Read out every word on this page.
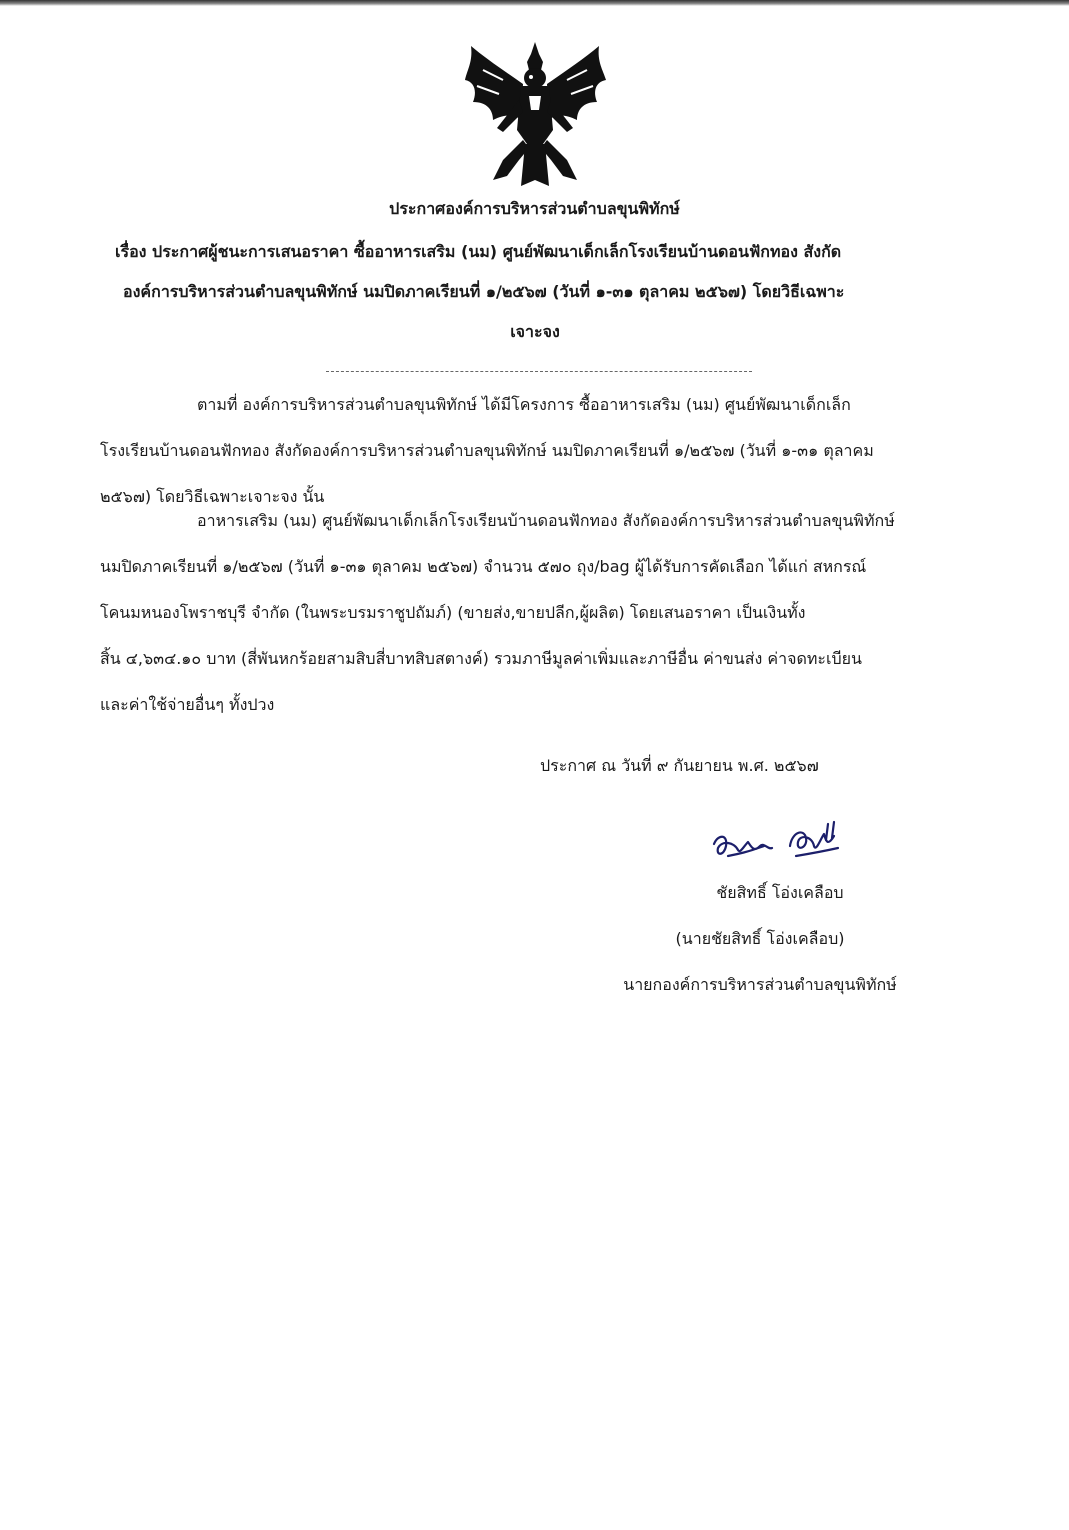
ประกาศองค์การบริหารส่วนตำบลขุนพิทักษ์
เรื่อง ประกาศผู้ชนะการเสนอราคา ซื้ออาหารเสริม (นม) ศูนย์พัฒนาเด็กเล็กโรงเรียนบ้านดอนฟักทอง สังกัด
องค์การบริหารส่วนตำบลขุนพิทักษ์ นมปิดภาคเรียนที่ ๑/๒๕๖๗ (วันที่ ๑-๓๑ ตุลาคม ๒๕๖๗) โดยวิธีเฉพาะ
เจาะจง
ตามที่ องค์การบริหารส่วนตำบลขุนพิทักษ์ ได้มีโครงการ ซื้ออาหารเสริม (นม) ศูนย์พัฒนาเด็กเล็ก
โรงเรียนบ้านดอนฟักทอง สังกัดองค์การบริหารส่วนตำบลขุนพิทักษ์ นมปิดภาคเรียนที่ ๑/๒๕๖๗ (วันที่ ๑-๓๑ ตุลาคม
๒๕๖๗) โดยวิธีเฉพาะเจาะจง นั้น
อาหารเสริม (นม) ศูนย์พัฒนาเด็กเล็กโรงเรียนบ้านดอนฟักทอง สังกัดองค์การบริหารส่วนตำบลขุนพิทักษ์
นมปิดภาคเรียนที่ ๑/๒๕๖๗ (วันที่ ๑-๓๑ ตุลาคม ๒๕๖๗) จำนวน ๕๗๐ ถุง/bag ผู้ได้รับการคัดเลือก ได้แก่ สหกรณ์
โคนมหนองโพราชบุรี จำกัด (ในพระบรมราชูปถัมภ์) (ขายส่ง,ขายปลีก,ผู้ผลิต) โดยเสนอราคา เป็นเงินทั้ง
สิ้น ๔,๖๓๔.๑๐ บาท (สี่พันหกร้อยสามสิบสี่บาทสิบสตางค์) รวมภาษีมูลค่าเพิ่มและภาษีอื่น ค่าขนส่ง ค่าจดทะเบียน
และค่าใช้จ่ายอื่นๆ ทั้งปวง
ประกาศ ณ วันที่ ๙ กันยายน พ.ศ. ๒๕๖๗
ชัยสิทธิ์ โอ่งเคลือบ
(นายชัยสิทธิ์ โอ่งเคลือบ)
นายกองค์การบริหารส่วนตำบลขุนพิทักษ์
